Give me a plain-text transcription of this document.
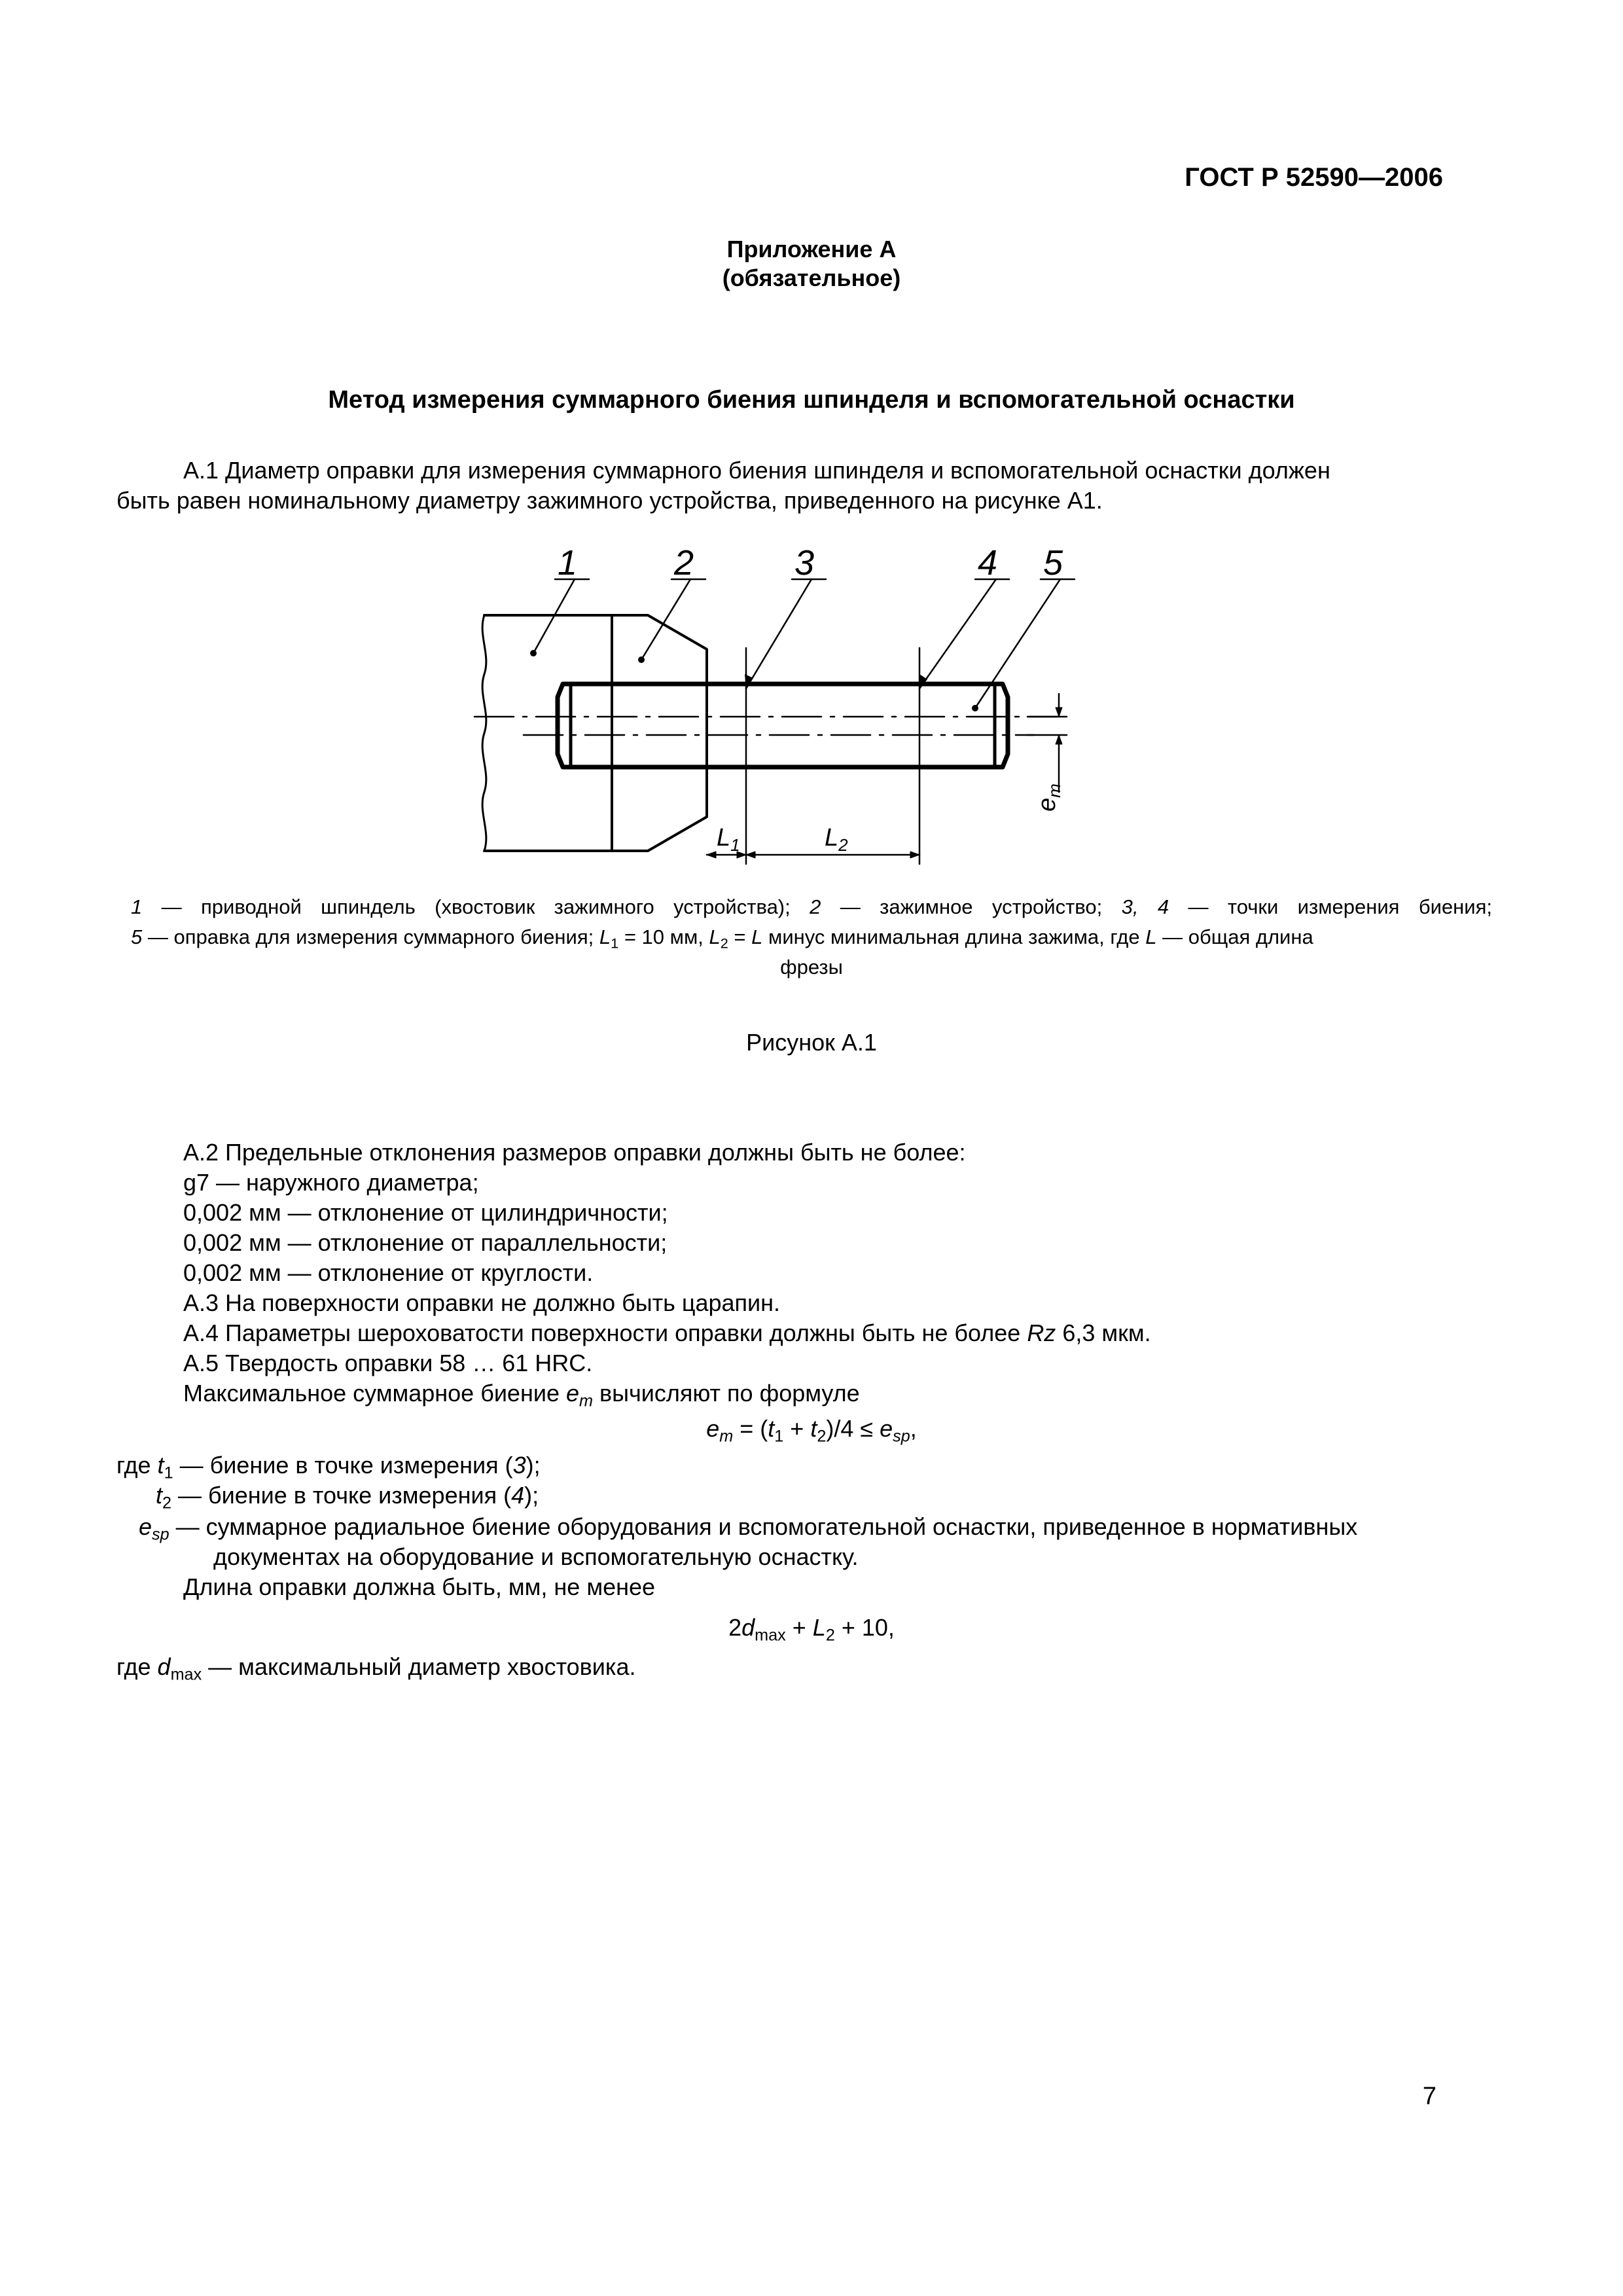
ГОСТ Р 52590—2006
Приложение А
(обязательное)
Метод измерения суммарного биения шпинделя и вспомогательной оснастки
А.1 Диаметр оправки для измерения суммарного биения шпинделя и вспомогательной оснастки должен
быть равен номинальному диаметру зажимного устройства, приведенного на рисунке А1.
1	2	3	4 5
$L_1$	$L_2$
$e_m$
1 — приводной шпиндель (хвостовик зажимного устройства); 2 — зажимное устройство; 3, 4 — точки измерения биения;
5 — оправка для измерения суммарного биения; $L_1 = 10$ мм, $L_2 = L$ минус минимальная длина зажима, где L — общая длина
фрезы
Рисунок А.1
А.2 Предельные отклонения размеров оправки должны быть не более:
g7 — наружного диаметра;
0,002 мм — отклонение от цилиндричности;
0,002 мм — отклонение от параллельности;
0,002 мм — отклонение от круглости.
А.3 На поверхности оправки не должно быть царапин.
А.4 Параметры шероховатости поверхности оправки должны быть не более Rz 6,3 мкм.
А.5 Твердость оправки 58 … 61 HRC.
Максимальное суммарное биение $e_m$ вычисляют по формуле
$e_m = (t_1 + t_2)/4 \le e_{sp}$,
где $t_1$ — биение в точке измерения (3);
$t_2$ — биение в точке измерения (4);
$e_{sp}$ — суммарное радиальное биение оборудования и вспомогательной оснастки, приведенное в нормативных
документах на оборудование и вспомогательную оснастку.
Длина оправки должна быть, мм, не менее
$2d_{max} + L_2 + 10$,
где $d_{max}$ — максимальный диаметр хвостовика.
7
